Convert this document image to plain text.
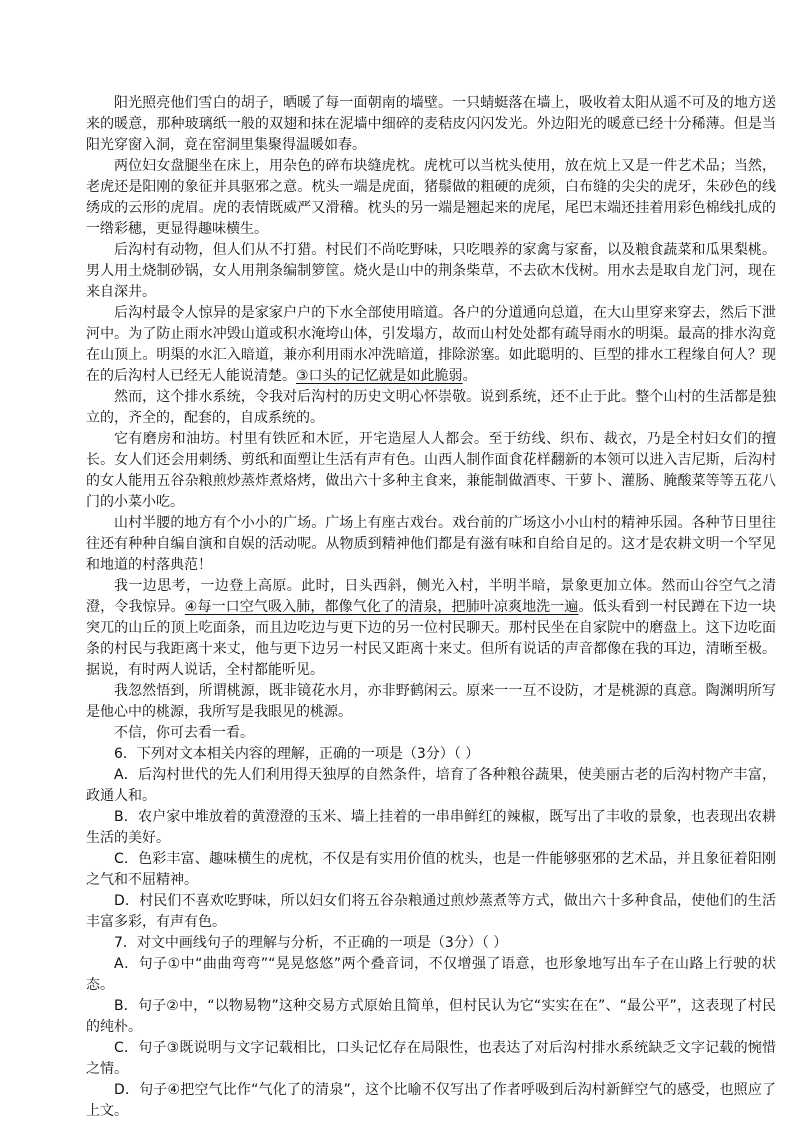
阳光照亮他们雪白的胡子，晒暖了每一面朝南的墙壁。一只蜻蜓落在墙上，吸收着太阳从遥不可及的地方送来的暖意，那种玻璃纸一般的双翅和抹在泥墙中细碎的麦秸皮闪闪发光。外边阳光的暖意已经十分稀薄。但是当阳光穿窗入洞，竟在窑洞里集聚得温暖如春。

两位妇女盘腿坐在床上，用杂色的碎布块缝虎枕。虎枕可以当枕头使用，放在炕上又是一件艺术品；当然，老虎还是阳刚的象征并具驱邪之意。枕头一端是虎面，猪鬃做的粗硬的虎须，白布缝的尖尖的虎牙，朱砂色的线绣成的云形的虎眉。虎的表情既威严又滑稽。枕头的另一端是翘起来的虎尾，尾巴末端还挂着用彩色棉线扎成的一绺彩穗，更显得趣味横生。

后沟村有动物，但人们从不打猎。村民们不尚吃野味，只吃喂养的家禽与家畜，以及粮食蔬菜和瓜果梨桃。男人用土烧制砂锅，女人用荆条编制箩筐。烧火是山中的荆条柴草，不去砍木伐树。用水去是取自龙门河，现在来自深井。

后沟村最令人惊异的是家家户户的下水全部使用暗道。各户的分道通向总道，在大山里穿来穿去，然后下泄河中。为了防止雨水冲毁山道或积水淹垮山体，引发塌方，故而山村处处都有疏导雨水的明渠。最高的排水沟竟在山顶上。明渠的水汇入暗道，兼亦利用雨水冲洗暗道，排除淤塞。如此聪明的、巨型的排水工程缘自何人？现在的后沟村人已经无人能说清楚。③口头的记忆就是如此脆弱。

然而，这个排水系统，令我对后沟村的历史文明心怀崇敬。说到系统，还不止于此。整个山村的生活都是独立的，齐全的，配套的，自成系统的。

它有磨房和油坊。村里有铁匠和木匠，开宅造屋人人都会。至于纺线、织布、裁衣，乃是全村妇女们的擅长。女人们还会用刺绣、剪纸和面塑让生活有声有色。山西人制作面食花样翻新的本领可以进入吉尼斯，后沟村的女人能用五谷杂粮煎炒蒸炸煮烙烤，做出六十多种主食来，兼能制做酒枣、干萝卜、灌肠、腌酸菜等等五花八门的小菜小吃。

山村半腰的地方有个小小的广场。广场上有座古戏台。戏台前的广场这小小山村的精神乐园。各种节日里往往还有种种自编自演和自娱的活动呢。从物质到精神他们都是有滋有味和自给自足的。这才是农耕文明一个罕见和地道的村落典范！

我一边思考，一边登上高原。此时，日头西斜，侧光入村，半明半暗，景象更加立体。然而山谷空气之清澄，令我惊异。④每一口空气吸入肺，都像气化了的清泉，把肺叶凉爽地洗一遍。低头看到一村民蹲在下边一块突兀的山丘的顶上吃面条，而且边吃边与更下边的另一位村民聊天。那村民坐在自家院中的磨盘上。这下边吃面条的村民与我距离十来丈，他与更下边另一村民又距离十来丈。但所有说话的声音都像在我的耳边，清晰至极。据说，有时两人说话，全村都能听见。

我忽然悟到，所谓桃源，既非镜花水月，亦非野鹤闲云。原来一一互不设防，才是桃源的真意。陶渊明所写是他心中的桃源，我所写是我眼见的桃源。

不信，你可去看一看。

6．下列对文本相关内容的理解，正确的一项是（3分）（ ）

A．后沟村世代的先人们利用得天独厚的自然条件，培育了各种粮谷蔬果，使美丽古老的后沟村物产丰富，政通人和。

B．农户家中堆放着的黄澄澄的玉米、墙上挂着的一串串鲜红的辣椒，既写出了丰收的景象，也表现出农耕生活的美好。

C．色彩丰富、趣味横生的虎枕，不仅是有实用价值的枕头，也是一件能够驱邪的艺术品，并且象征着阳刚之气和不屈精神。

D．村民们不喜欢吃野味，所以妇女们将五谷杂粮通过煎炒蒸煮等方式，做出六十多种食品，使他们的生活丰富多彩，有声有色。

7．对文中画线句子的理解与分析，不正确的一项是（3分）（ ）

A．句子①中“曲曲弯弯”“晃晃悠悠”两个叠音词，不仅增强了语意，也形象地写出车子在山路上行驶的状态。

B．句子②中，“以物易物”这种交易方式原始且简单，但村民认为它“实实在在”、“最公平”，这表现了村民的纯朴。

C．句子③既说明与文字记载相比，口头记忆存在局限性，也表达了对后沟村排水系统缺乏文字记载的惋惜之情。

D．句子④把空气比作“气化了的清泉”，这个比喻不仅写出了作者呼吸到后沟村新鲜空气的感受，也照应了上文。
